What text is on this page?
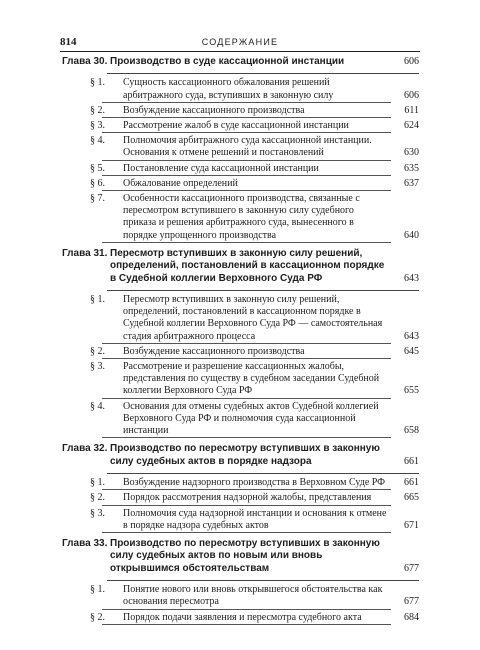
814	СОДЕРЖАНИЕ
Глава 30. Производство в суде кассационной инстанции	606
§ 1. Сущность кассационного обжалования решений арбитражного суда, вступивших в законную силу	606
§ 2. Возбуждение кассационного производства	611
§ 3. Рассмотрение жалоб в суде кассационной инстанции	624
§ 4. Полномочия арбитражного суда кассационной инстанции. Основания к отмене решений и постановлений	630
§ 5. Постановление суда кассационной инстанции	635
§ 6. Обжалование определений	637
§ 7. Особенности кассационного производства, связанные с пересмотром вступившего в законную силу судебного приказа и решения арбитражного суда, вынесенного в порядке упрощенного производства	640
Глава 31. Пересмотр вступивших в законную силу решений, определений, постановлений в кассационном порядке в Судебной коллегии Верховного Суда РФ	643
§ 1. Пересмотр вступивших в законную силу решений, определений, постановлений в кассационном порядке в Судебной коллегии Верховного Суда РФ — самостоятельная стадия арбитражного процесса	643
§ 2. Возбуждение кассационного производства	645
§ 3. Рассмотрение и разрешение кассационных жалобы, представления по существу в судебном заседании Судебной коллегии Верховного Суда РФ	655
§ 4. Основания для отмены судебных актов Судебной коллегией Верховного Суда РФ и полномочия суда кассационной инстанции	658
Глава 32. Производство по пересмотру вступивших в законную силу судебных актов в порядке надзора	661
§ 1. Возбуждение надзорного производства в Верховном Суде РФ 661
§ 2. Порядок рассмотрения надзорной жалобы, представления	665
§ 3. Полномочия суда надзорной инстанции и основания к отмене в порядке надзора судебных актов	671
Глава 33. Производство по пересмотру вступивших в законную силу судебных актов по новым или вновь открывшимся обстоятельствам	677
§ 1. Понятие нового или вновь открывшегося обстоятельства как основания пересмотра	677
§ 2. Порядок подачи заявления и пересмотра судебного акта	684
